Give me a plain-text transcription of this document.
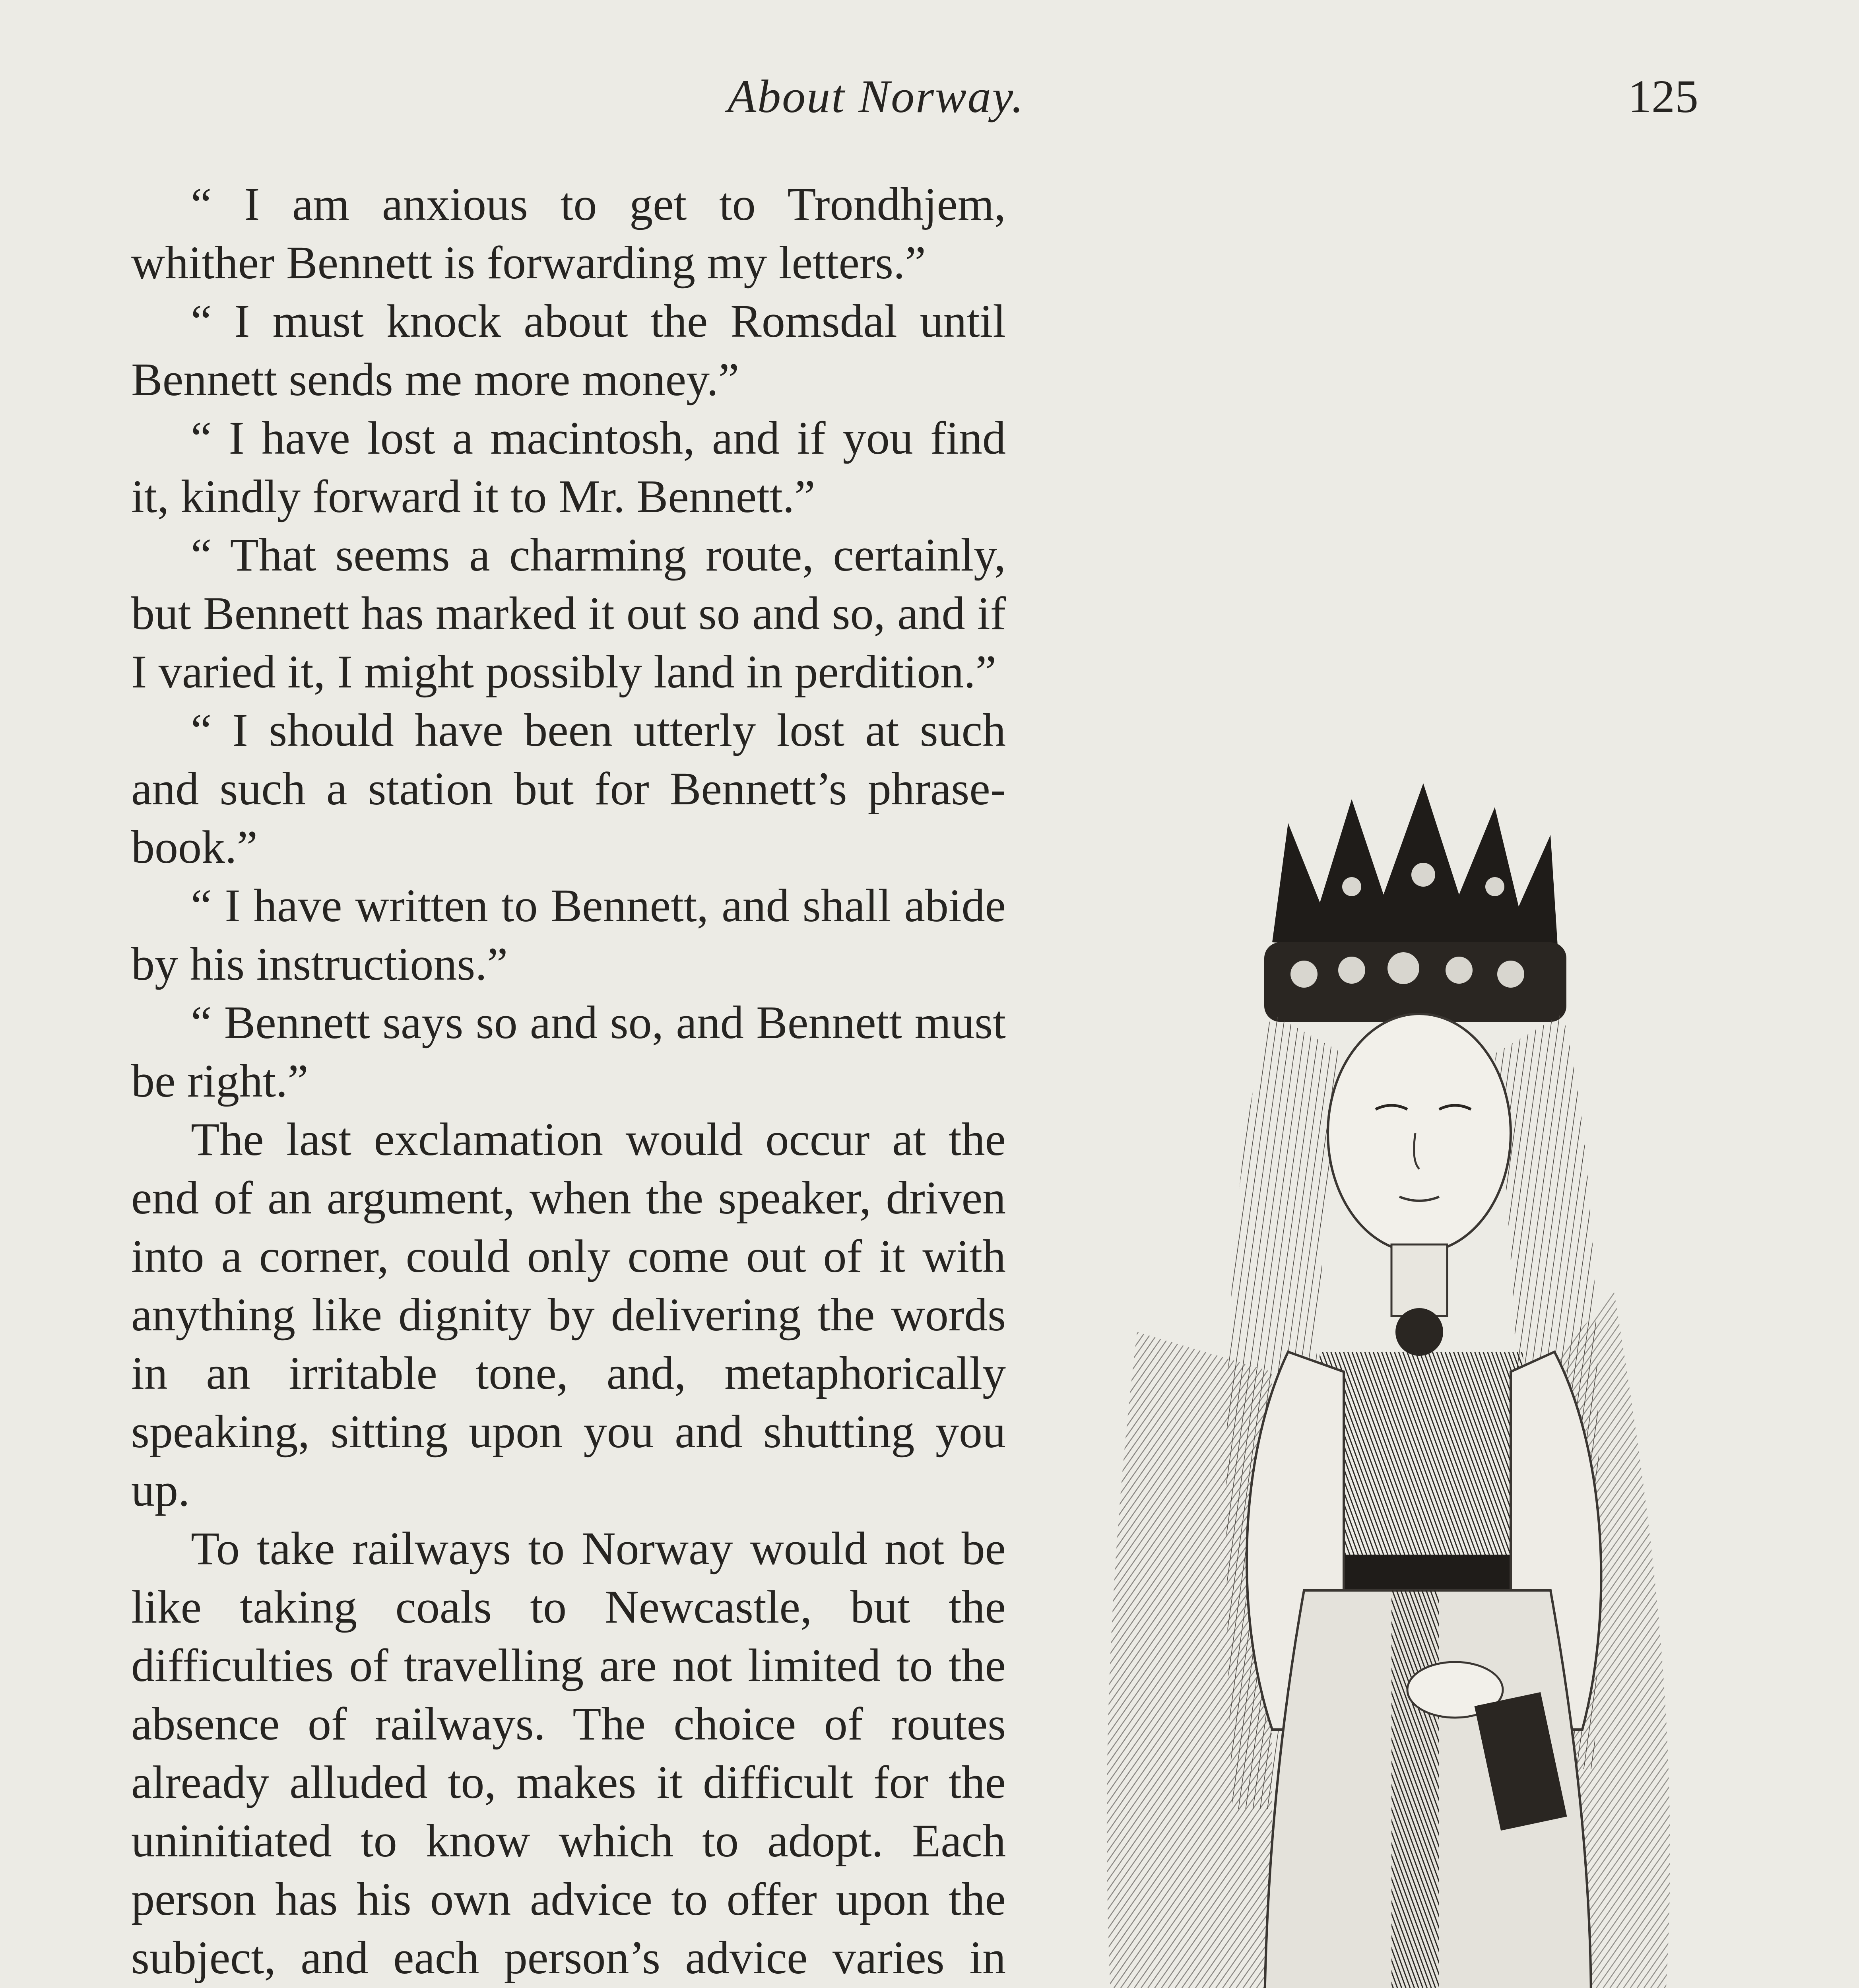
About Norway.	125

“ I am anxious to get to Trondhjem, whither Bennett is forwarding my letters.”

“ I must knock about the Romsdal until Bennett sends me more money.”

“ I have lost a macintosh, and if you find it, kindly forward it to Mr. Bennett.”

“ That seems a charming route, certainly, but Bennett has marked it out so and so, and if I varied it, I might possibly land in perdition.”

“ I should have been utterly lost at such and such a station but for Bennett’s phrase-book.”

“ I have written to Bennett, and shall abide by his instructions.”

“ Bennett says so and so, and Bennett must be right.”

The last exclamation would occur at the end of an argument, when the speaker, driven into a corner, could only come out of it with anything like dignity by delivering the words in an irritable tone, and, metaphorically speaking, sitting upon you and shutting you up.

To take railways to Norway would not be like taking coals to Newcastle, but the difficulties of travelling are not limited to the absence of railways. The choice of routes already alluded to, makes it difficult for the uninitiated to know which to adopt. Each person has his own advice to offer upon the subject, and each person’s advice varies in
